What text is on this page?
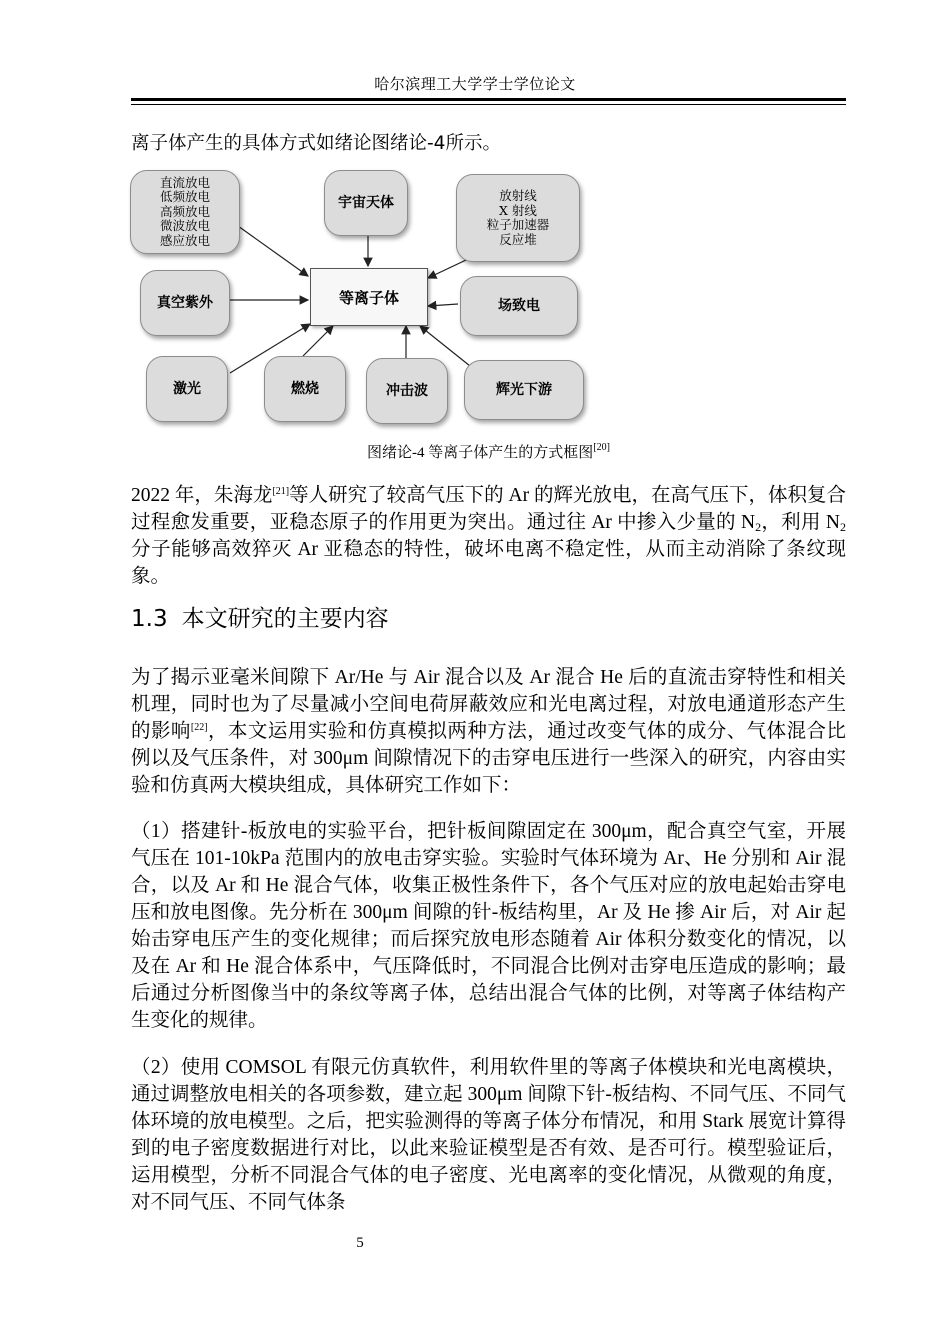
哈尔滨理工大学学士学位论文

离子体产生的具体方式如绪论图绪论-4所示。

直流放电
低频放电
高频放电
微波放电
感应放电
宇宙天体	放射线
X 射线
粒子加速器
反应堆
真空紫外	等离子体	场致电
激光	燃烧	冲击波	辉光下游
图绪论-4 等离子体产生的方式框图[20]

2022 年，朱海龙[21]等人研究了较高气压下的 Ar 的辉光放电，在高气压下，体积复合过程愈发重要，亚稳态原子的作用更为突出。通过往 Ar 中掺入少量的 $N_2$，利用 $N_2$ 分子能够高效猝灭 Ar 亚稳态的特性，破坏电离不稳定性，从而主动消除了条纹现象。

1.3 本文研究的主要内容

为了揭示亚毫米间隙下 Ar/He 与 Air 混合以及 Ar 混合 He 后的直流击穿特性和相关机理，同时也为了尽量减小空间电荷屏蔽效应和光电离过程，对放电通道形态产生的影响[22]，本文运用实验和仿真模拟两种方法，通过改变气体的成分、气体混合比例以及气压条件，对 300μm 间隙情况下的击穿电压进行一些深入的研究，内容由实验和仿真两大模块组成，具体研究工作如下：

（1）搭建针-板放电的实验平台，把针板间隙固定在 300μm，配合真空气室，开展气压在 101-10kPa 范围内的放电击穿实验。实验时气体环境为 Ar、He 分别和 Air 混合，以及 Ar 和 He 混合气体，收集正极性条件下，各个气压对应的放电起始击穿电压和放电图像。先分析在 300μm 间隙的针-板结构里，Ar 及 He 掺 Air 后，对 Air 起始击穿电压产生的变化规律；而后探究放电形态随着 Air 体积分数变化的情况，以及在 Ar 和 He 混合体系中，气压降低时，不同混合比例对击穿电压造成的影响；最后通过分析图像当中的条纹等离子体，总结出混合气体的比例，对等离子体结构产生变化的规律。

（2）使用 COMSOL 有限元仿真软件，利用软件里的等离子体模块和光电离模块，通过调整放电相关的各项参数，建立起 300μm 间隙下针-板结构、不同气压、不同气体环境的放电模型。之后，把实验测得的等离子体分布情况，和用 Stark 展宽计算得到的电子密度数据进行对比，以此来验证模型是否有效、是否可行。模型验证后，运用模型，分析不同混合气体的电子密度、光电离率的变化情况，从微观的角度，对不同气压、不同气体条

5
